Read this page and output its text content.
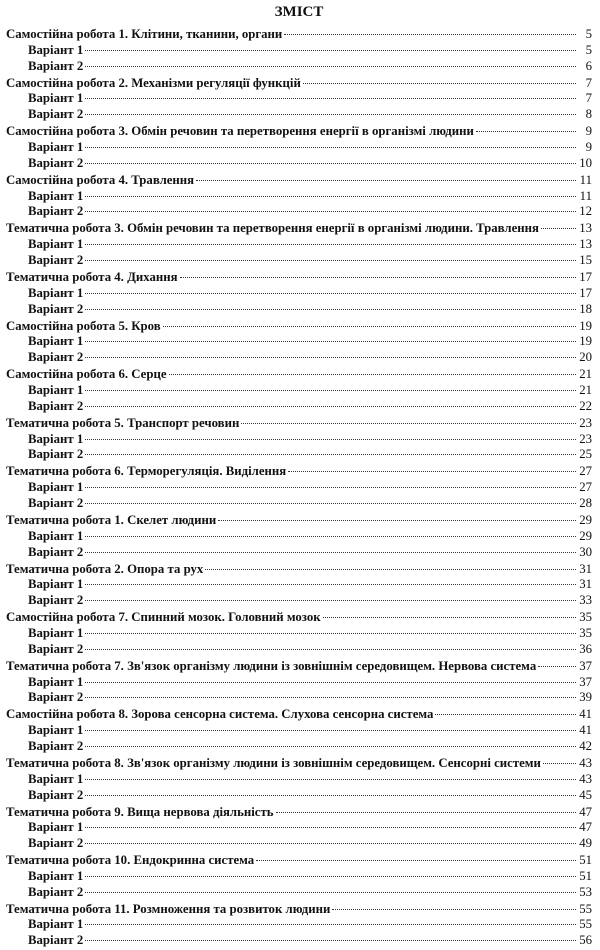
ЗМІСТ
Самостійна робота 1. Клітини, тканини, органи	5
Варіант 1	5
Варіант 2	6
Самостійна робота 2. Механізми регуляції функцій	7
Варіант 1	7
Варіант 2	8
Самостійна робота 3. Обмін речовин та перетворення енергії в організмі людини	9
Варіант 1	9
Варіант 2	10
Самостійна робота 4. Травлення	11
Варіант 1	11
Варіант 2	12
Тематична робота 3. Обмін речовин та перетворення енергії в організмі людини. Травлення	13
Варіант 1	13
Варіант 2	15
Тематична робота 4. Дихання	17
Варіант 1	17
Варіант 2	18
Самостійна робота 5. Кров	19
Варіант 1	19
Варіант 2	20
Самостійна робота 6. Серце	21
Варіант 1	21
Варіант 2	22
Тематична робота 5. Транспорт речовин	23
Варіант 1	23
Варіант 2	25
Тематична робота 6. Терморегуляція. Виділення	27
Варіант 1	27
Варіант 2	28
Тематична робота 1. Скелет людини	29
Варіант 1	29
Варіант 2	30
Тематична робота 2. Опора та рух	31
Варіант 1	31
Варіант 2	33
Самостійна робота 7. Спинний мозок. Головний мозок	35
Варіант 1	35
Варіант 2	36
Тематична робота 7. Зв'язок організму людини із зовнішнім середовищем. Нервова система	37
Варіант 1	37
Варіант 2	39
Самостійна робота 8. Зорова сенсорна система. Слухова сенсорна система	41
Варіант 1	41
Варіант 2	42
Тематична робота 8. Зв'язок організму людини із зовнішнім середовищем. Сенсорні системи	43
Варіант 1	43
Варіант 2	45
Тематична робота 9. Вища нервова діяльність	47
Варіант 1	47
Варіант 2	49
Тематична робота 10. Ендокринна система	51
Варіант 1	51
Варіант 2	53
Тематична робота 11. Розмноження та розвиток людини	55
Варіант 1	55
Варіант 2	56
